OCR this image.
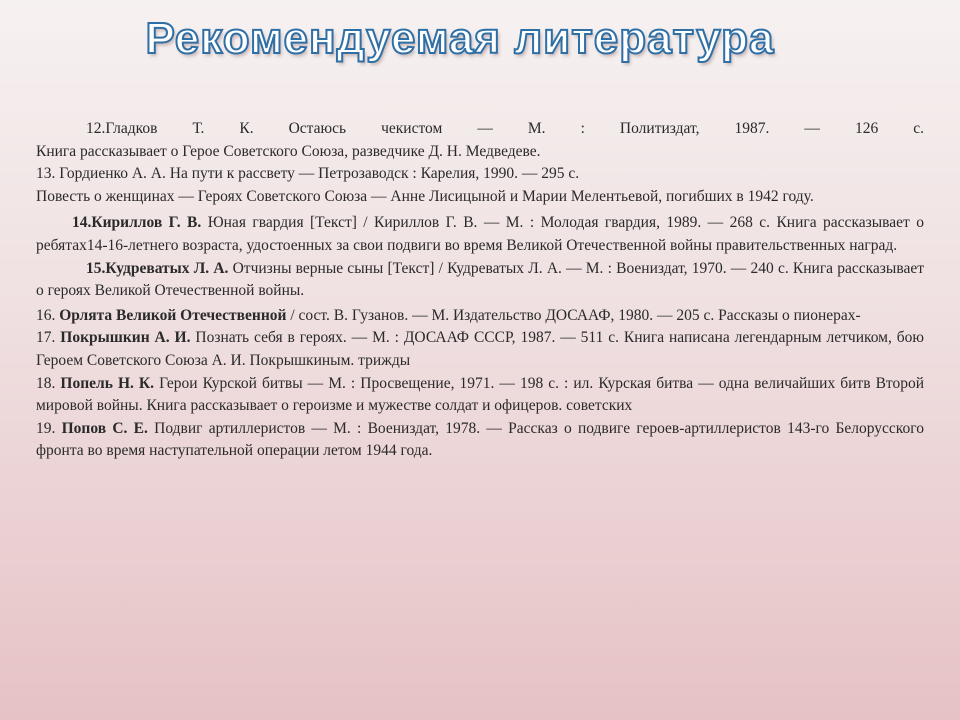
Рекомендуемая литература

12.Гладков Т. К. Остаюсь чекистом — М. : Политиздат, 1987. — 126 с.

Книга рассказывает о Герое Советского Союза, разведчике Д. Н. Медведеве.

13. Гордиенко А. А. На пути к рассвету — Петрозаводск : Карелия, 1990. — 295 с.

Повесть о женщинах — Героях Советского Союза — Анне Лисицыной и Марии Мелентьевой, погибших в 1942 году.

14.Кириллов Г. В. Юная гвардия [Текст] / Кириллов Г. В. — М. : Молодая гвардия, 1989. — 268 с. Книга рассказывает о ребятах14-16-летнего возраста, удостоенных за свои подвиги во время Великой Отечественной войны правительственных наград.

15.Кудреватых Л. А. Отчизны верные сыны [Текст] / Кудреватых Л. А. — М. : Воениздат, 1970. — 240 с. Книга рассказывает о героях Великой Отечественной войны.

16. Орлята Великой Отечественной / сост. В. Гузанов. — М. Издательство ДОСААФ, 1980. — 205 с. Рассказы о пионерах-

17. Покрышкин А. И. Познать себя в героях. — М. : ДОСААФ СССР, 1987. — 511 с. Книга написана легендарным летчиком, бою Героем Советского Союза А. И. Покрышкиным. трижды

18. Попель Н. К. Герои Курской битвы — М. : Просвещение, 1971. — 198 с. : ил. Курская битва — одна величайших битв Второй мировой войны. Книга рассказывает о героизме и мужестве солдат и офицеров. советских

19. Попов С. Е. Подвиг артиллеристов — М. : Воениздат, 1978. — Рассказ о подвиге героев-артиллеристов 143-го Белорусского фронта во время наступательной операции летом 1944 года.
